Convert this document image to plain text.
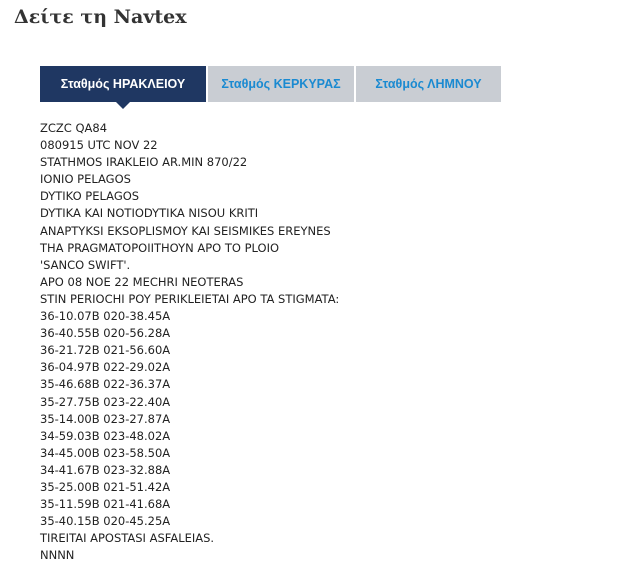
Δείτε τη Navtex
Σταθμός ΗΡΑΚΛΕΙΟΥ	Σταθμός ΚΕΡΚΥΡΑΣ	Σταθμός ΛΗΜΝΟΥ
ZCZC QA84
080915 UTC NOV 22
STATHMOS IRAKLEIO AR.MIN 870/22
IONIO PELAGOS
DYTIKO PELAGOS
DYTIKA KAI NOTIODYTIKA NISOU KRITI
ANAPTYKSI EKSOPLISMOY KAI SEISMIKES EREYNES
THA PRAGMATOPOIITHOYN APO TO PLOIO
'SANCO SWIFT'.
APO 08 NOE 22 MECHRI NEOTERAS
STIN PERIOCHI POY PERIKLEIETAI APO TA STIGMATA:
36-10.07B 020-38.45A
36-40.55B 020-56.28A
36-21.72B 021-56.60A
36-04.97B 022-29.02A
35-46.68B 022-36.37A
35-27.75B 023-22.40A
35-14.00B 023-27.87A
34-59.03B 023-48.02A
34-45.00B 023-58.50A
34-41.67B 023-32.88A
35-25.00B 021-51.42A
35-11.59B 021-41.68A
35-40.15B 020-45.25A
TIREITAI APOSTASI ASFALEIAS.
NNNN
